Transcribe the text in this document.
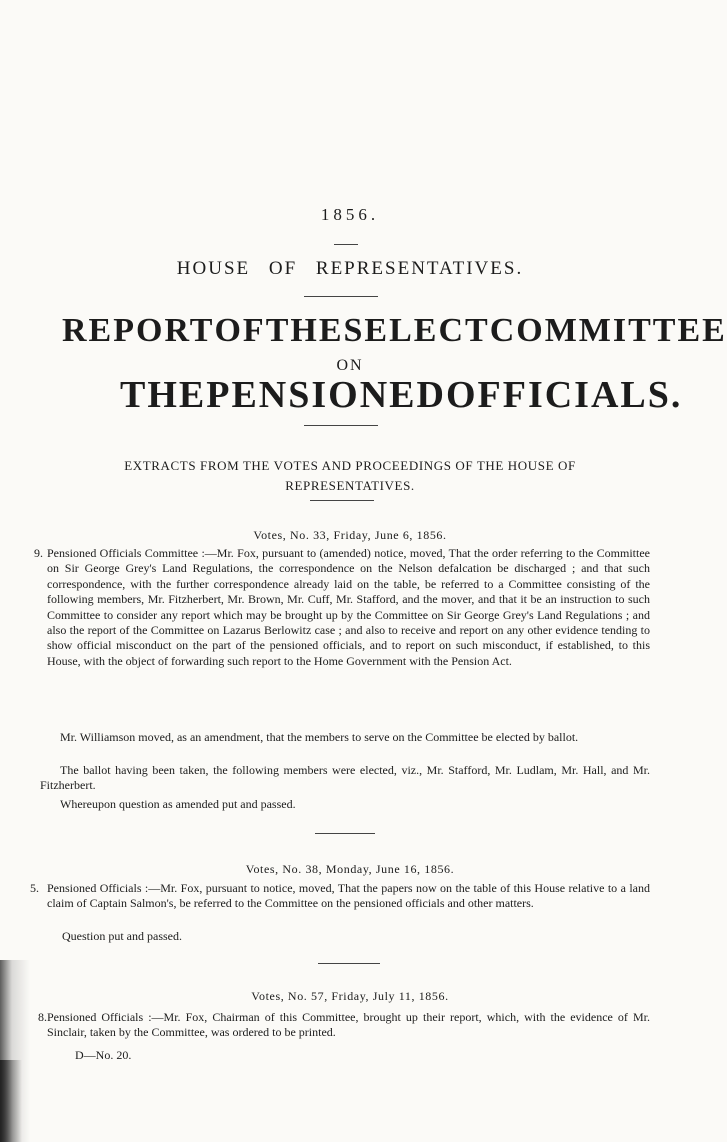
1856.
HOUSE OF REPRESENTATIVES.
REPORT OF THE SELECT COMMITTEE
ON
THE PENSIONED OFFICIALS.
EXTRACTS FROM THE VOTES AND PROCEEDINGS OF THE HOUSE OF REPRESENTATIVES.
Votes, No. 33, Friday, June 6, 1856.
9. Pensioned Officials Committee :—Mr. Fox, pursuant to (amended) notice, moved, That the order referring to the Committee on Sir George Grey's Land Regulations, the correspondence on the Nelson defalcation be discharged ; and that such correspondence, with the further correspondence already laid on the table, be referred to a Committee consisting of the following members, Mr. Fitzherbert, Mr. Brown, Mr. Cuff, Mr. Stafford, and the mover, and that it be an instruction to such Committee to consider any report which may be brought up by the Committee on Sir George Grey's Land Regulations ; and also the report of the Committee on Lazarus Berlowitz case ; and also to receive and report on any other evidence tending to show official misconduct on the part of the pensioned officials, and to report on such misconduct, if established, to this House, with the object of forwarding such report to the Home Government with the Pension Act.
Mr. Williamson moved, as an amendment, that the members to serve on the Committee be elected by ballot.
The ballot having been taken, the following members were elected, viz., Mr. Stafford, Mr. Ludlam, Mr. Hall, and Mr. Fitzherbert.
Whereupon question as amended put and passed.
Votes, No. 38, Monday, June 16, 1856.
5. Pensioned Officials :—Mr. Fox, pursuant to notice, moved, That the papers now on the table of this House relative to a land claim of Captain Salmon's, be referred to the Committee on the pensioned officials and other matters.
Question put and passed.
Votes, No. 57, Friday, July 11, 1856.
8. Pensioned Officials :—Mr. Fox, Chairman of this Committee, brought up their report, which, with the evidence of Mr. Sinclair, taken by the Committee, was ordered to be printed.
D—No. 20.
